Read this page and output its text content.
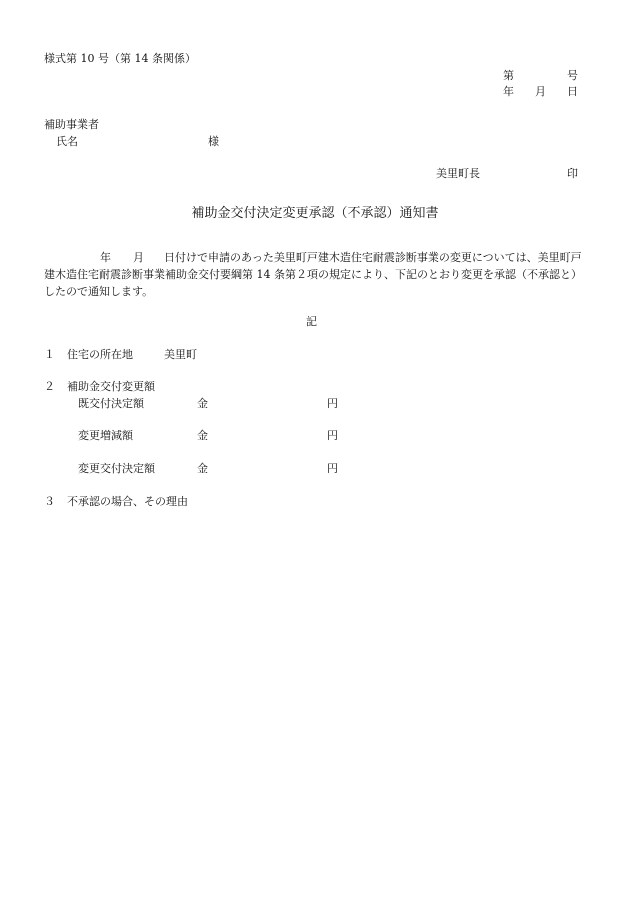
様式第 10 号（第 14 条関係）
第	号
年 月 日
補助事業者
氏名	様
美里町長	印
補助金交付決定変更承認（不承認）通知書
年 月 日付けで申請のあった美里町戸建木造住宅耐震診断事業の変更については、美里町戸
建木造住宅耐震診断事業補助金交付要綱第 14 条第２項の規定により、下記のとおり変更を承認（不承認と）
したので通知します。
記
１ 住宅の所在地	美里町
２ 補助金交付変更額
既交付決定額	金	円
変更増減額	金	円
変更交付決定額	金	円
３ 不承認の場合、その理由
